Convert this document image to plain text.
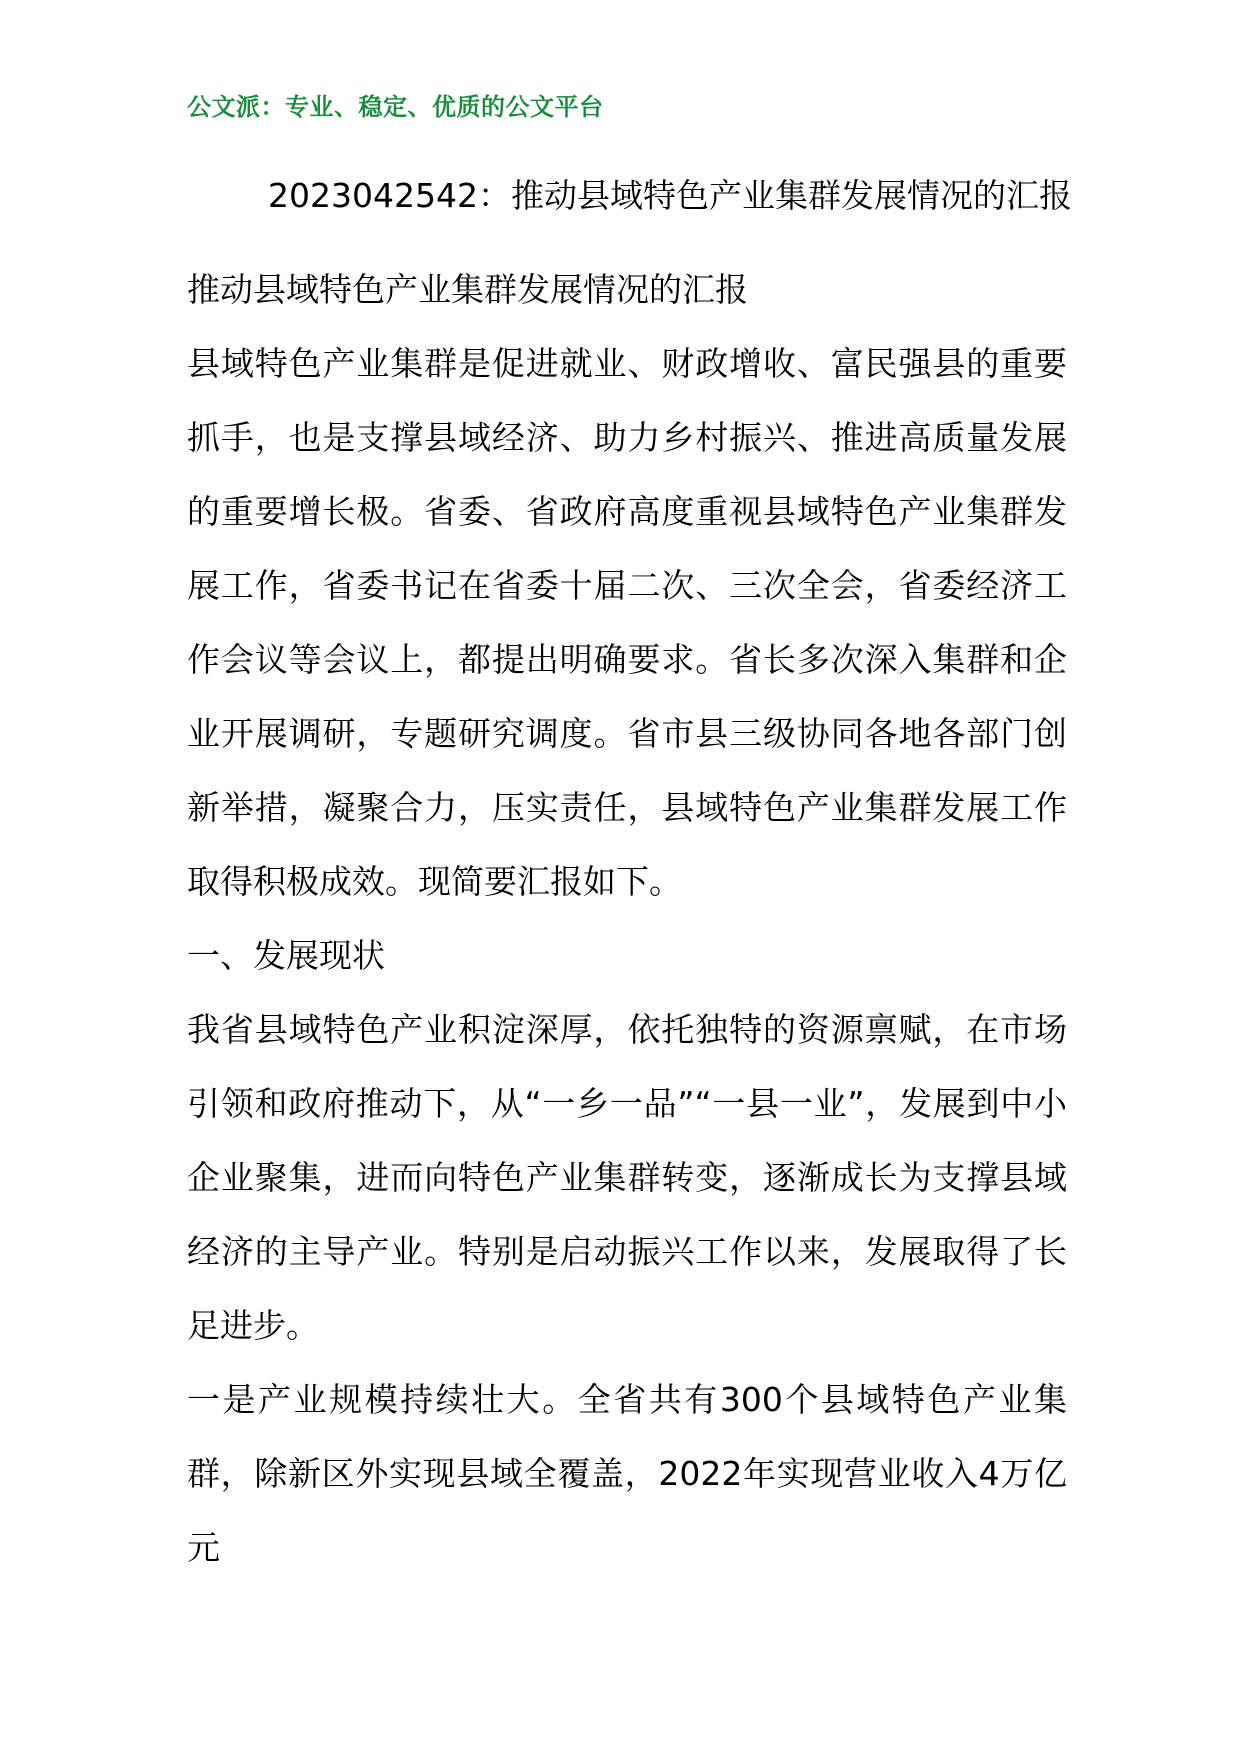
公文派：专业、稳定、优质的公文平台
2023042542：推动县域特色产业集群发展情况的汇报

推动县域特色产业集群发展情况的汇报

县域特色产业集群是促进就业、财政增收、富民强县的重要抓手，也是支撑县域经济、助力乡村振兴、推进高质量发展的重要增长极。省委、省政府高度重视县域特色产业集群发展工作，省委书记在省委十届二次、三次全会，省委经济工作会议等会议上，都提出明确要求。省长多次深入集群和企业开展调研，专题研究调度。省市县三级协同各地各部门创新举措，凝聚合力，压实责任，县域特色产业集群发展工作取得积极成效。现简要汇报如下。

一、发展现状

我省县域特色产业积淀深厚，依托独特的资源禀赋，在市场引领和政府推动下，从“一乡一品”“一县一业”，发展到中小企业聚集，进而向特色产业集群转变，逐渐成长为支撑县域经济的主导产业。特别是启动振兴工作以来，发展取得了长足进步。

一是产业规模持续壮大。全省共有300个县域特色产业集群，除新区外实现县域全覆盖，2022年实现营业收入4万亿元
